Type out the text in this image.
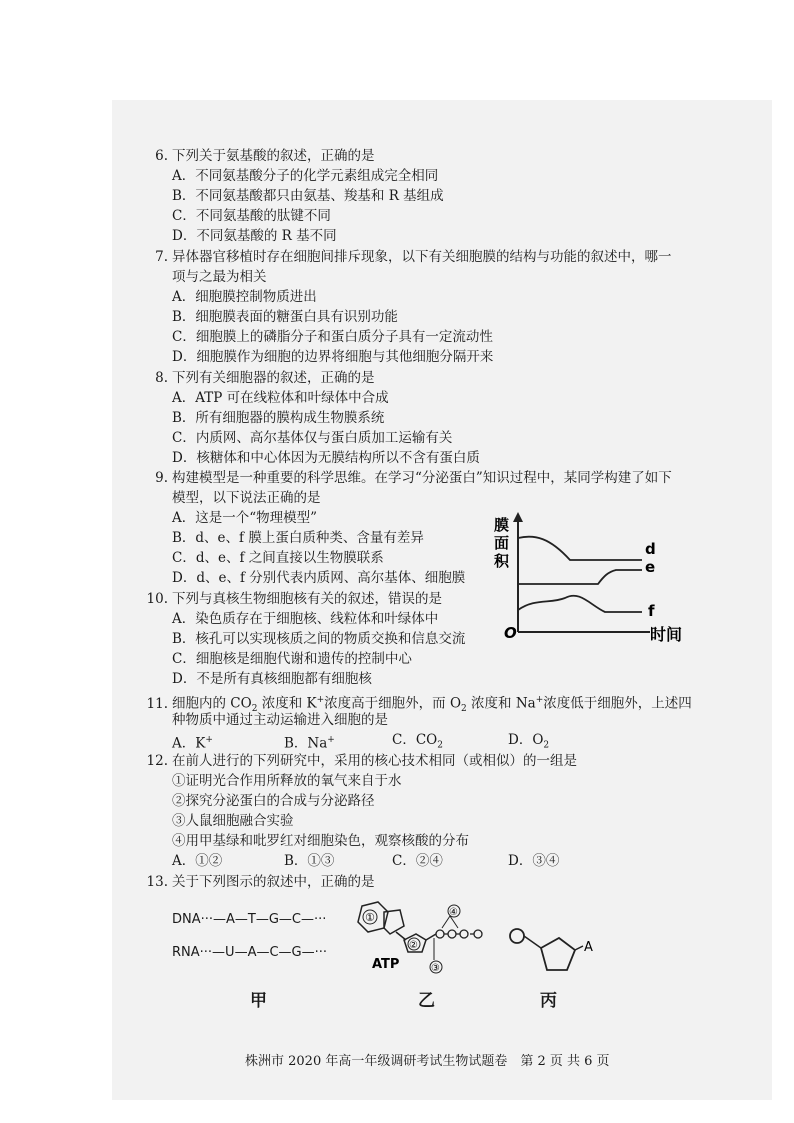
6. 下列关于氨基酸的叙述，正确的是
A．不同氨基酸分子的化学元素组成完全相同
B．不同氨基酸都只由氨基、羧基和 R 基组成
C．不同氨基酸的肽键不同
D．不同氨基酸的 R 基不同
7. 异体器官移植时存在细胞间排斥现象，以下有关细胞膜的结构与功能的叙述中，哪一
项与之最为相关
A．细胞膜控制物质进出
B．细胞膜表面的糖蛋白具有识别功能
C．细胞膜上的磷脂分子和蛋白质分子具有一定流动性
D．细胞膜作为细胞的边界将细胞与其他细胞分隔开来
8. 下列有关细胞器的叙述，正确的是
A．ATP 可在线粒体和叶绿体中合成
B．所有细胞器的膜构成生物膜系统
C．内质网、高尔基体仅与蛋白质加工运输有关
D．核糖体和中心体因为无膜结构所以不含有蛋白质
9. 构建模型是一种重要的科学思维。在学习“分泌蛋白”知识过程中，某同学构建了如下
模型，以下说法正确的是
A．这是一个“物理模型”
B．d、e、f 膜上蛋白质种类、含量有差异
C．d、e、f 之间直接以生物膜联系
D．d、e、f 分别代表内质网、高尔基体、细胞膜
膜
面
积
O	时间
d
e
f
10. 下列与真核生物细胞核有关的叙述，错误的是
A．染色质存在于细胞核、线粒体和叶绿体中
B．核孔可以实现核质之间的物质交换和信息交流
C．细胞核是细胞代谢和遗传的控制中心
D．不是所有真核细胞都有细胞核
11. 细胞内的 $CO_2$ 浓度和 K+浓度高于细胞外，而 $O_2$ 浓度和 Na+浓度低于细胞外，上述四
种物质中通过主动运输进入细胞的是
A．K+	B．Na+	C．$CO_2$	D．$O_2$
12. 在前人进行的下列研究中，采用的核心技术相同（或相似）的一组是
①证明光合作用所释放的氧气来自于水
②探究分泌蛋白的合成与分泌路径
③人鼠细胞融合实验
④用甲基绿和吡罗红对细胞染色，观察核酸的分布
A．①②	B．①③	C．②④	D．③④
13. 关于下列图示的叙述中，正确的是
DNA···—A—T—G—C—···
RNA···—U—A—C—G—···
①
②
④
③
ATP
A
甲	乙	丙
株洲市 2020 年高一年级调研考试生物试题卷　第 2 页 共 6 页
